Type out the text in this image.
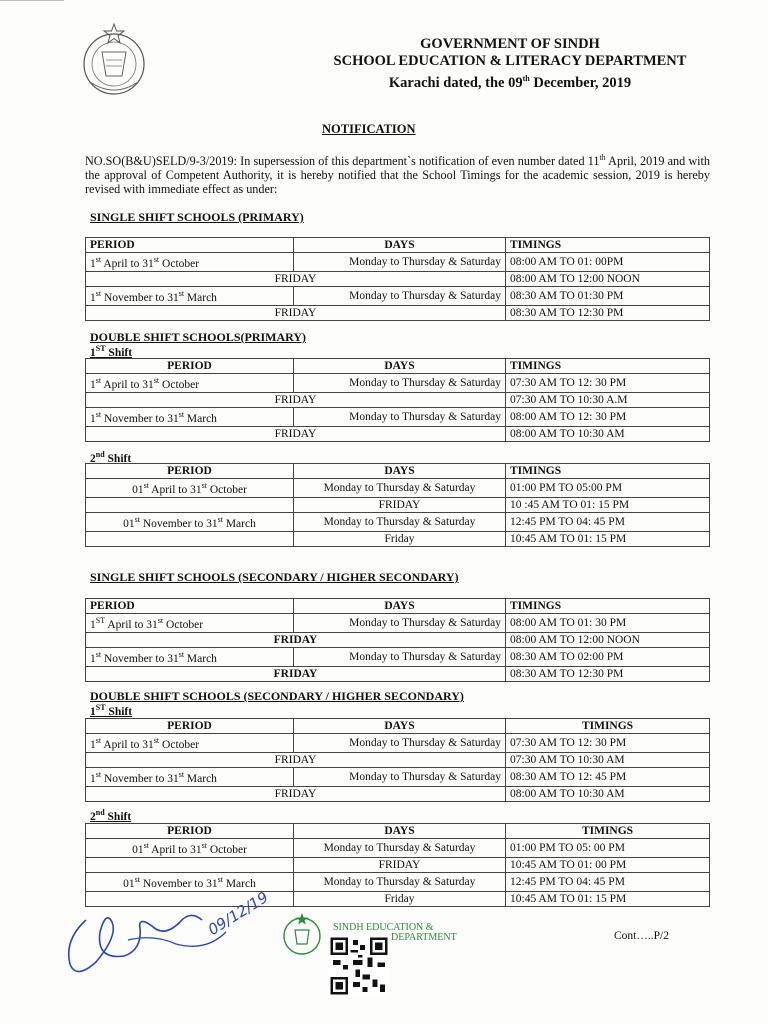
GOVERNMENT OF SINDH
SCHOOL EDUCATION & LITERACY DEPARTMENT
Karachi dated, the 09th December, 2019
NOTIFICATION
NO.SO(B&U)SELD/9-3/2019: In supersession of this department`s notification of even number dated 11th April, 2019 and with the approval of Competent Authority, it is hereby notified that the School Timings for the academic session, 2019 is hereby revised with immediate effect as under:
SINGLE SHIFT SCHOOLS (PRIMARY)
PERIOD	DAYS	TIMINGS
1st April to 31st October	Monday to Thursday & Saturday	08:00 AM TO 01: 00PM
FRIDAY		08:00 AM TO 12:00 NOON
1st November to 31st March	Monday to Thursday & Saturday	08:30 AM TO 01:30 PM
FRIDAY		08:30 AM TO 12:30 PM
DOUBLE SHIFT SCHOOLS(PRIMARY)
1ST Shift
PERIOD	DAYS	TIMINGS
1st April to 31st October	Monday to Thursday & Saturday	07:30 AM TO 12: 30 PM
FRIDAY		07:30 AM TO 10:30 A.M
1st November to 31st March	Monday to Thursday & Saturday	08:00 AM TO 12: 30 PM
FRIDAY		08:00 AM TO 10:30 AM
2nd Shift
PERIOD	DAYS	TIMINGS
01st April to 31st October	Monday to Thursday & Saturday	01:00 PM TO 05:00 PM
	FRIDAY	10 :45 AM TO 01: 15 PM
01st November to 31st March	Monday to Thursday & Saturday	12:45 PM TO 04: 45 PM
	Friday	10:45 AM TO 01: 15 PM
SINGLE SHIFT SCHOOLS (SECONDARY / HIGHER SECONDARY)
PERIOD	DAYS	TIMINGS
1ST April to 31st October	Monday to Thursday & Saturday	08:00 AM TO 01: 30 PM
FRIDAY		08:00 AM TO 12:00 NOON
1st November to 31st March	Monday to Thursday & Saturday	08:30 AM TO 02:00 PM
FRIDAY		08:30 AM TO 12:30 PM
DOUBLE SHIFT SCHOOLS (SECONDARY / HIGHER SECONDARY)
1ST Shift
PERIOD	DAYS	TIMINGS
1st April to 31st October	Monday to Thursday & Saturday	07:30 AM TO 12: 30 PM
FRIDAY		07:30 AM TO 10:30 AM
1st November to 31st March	Monday to Thursday & Saturday	08:30 AM TO 12: 45 PM
FRIDAY		08:00 AM TO 10:30 AM
2nd Shift
PERIOD	DAYS	TIMINGS
01st April to 31st October	Monday to Thursday & Saturday	01:00 PM TO 05: 00 PM
	FRIDAY	10:45 AM TO 01: 00 PM
01st November to 31st March	Monday to Thursday & Saturday	12:45 PM TO 04: 45 PM
	Friday	10:45 AM TO 01: 15 PM
09/12/19	SINDH EDUCATION &
DEPARTMENT	Cont…..P/2
